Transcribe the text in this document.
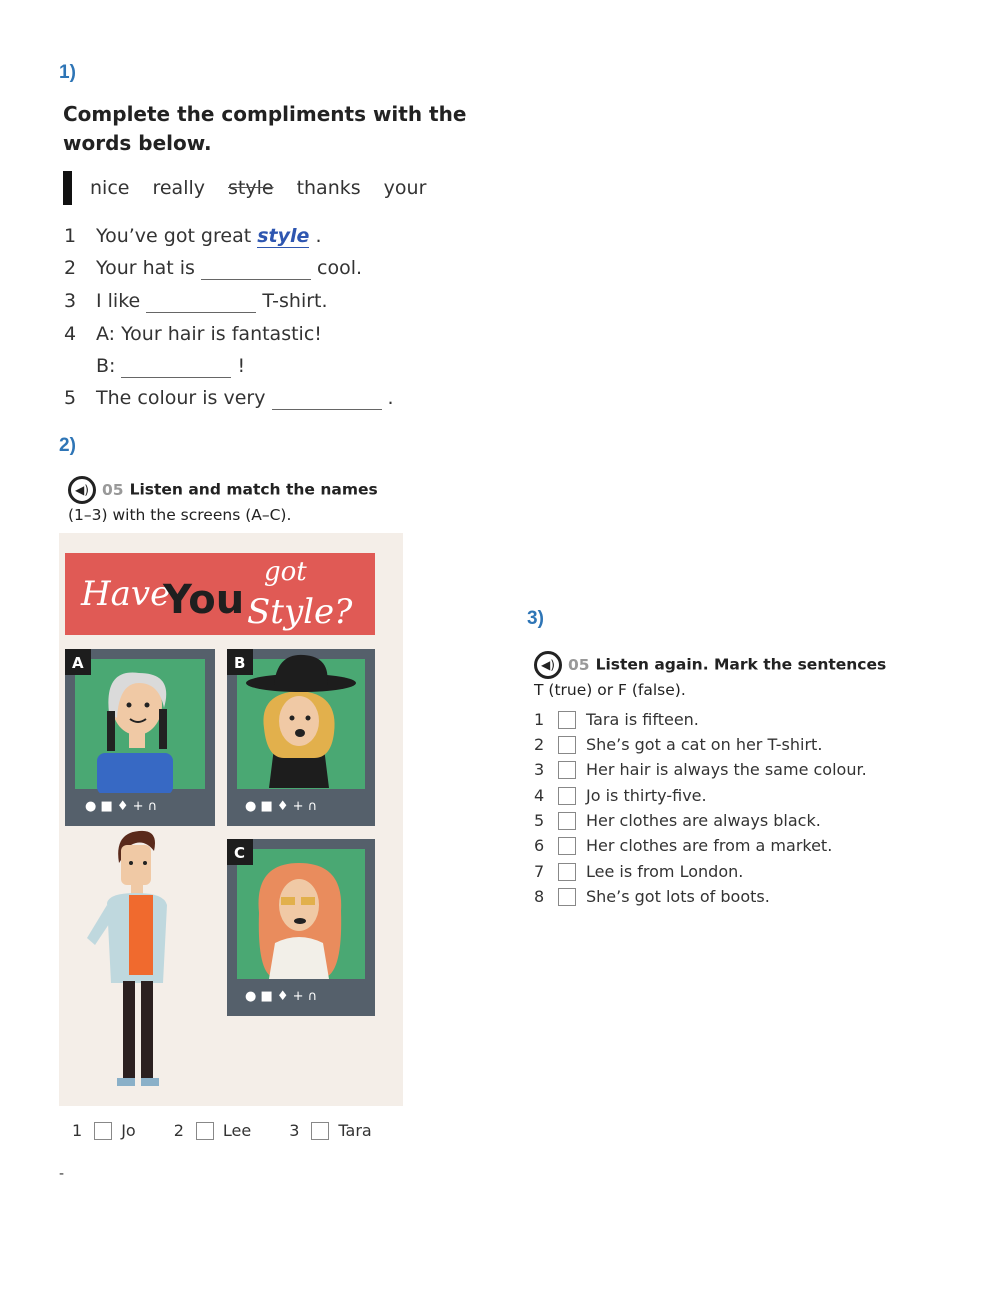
1)
2)
3)
Complete the compliments with the
words below.
nice really style thanks your
1 You’ve got great style .
2 Your hat is	cool.
3 I like	T-shirt.
4 A: Your hair is fantastic!
B:	!
5 The colour is very	.
◀) 05 Listen and match the names
(1–3) with the screens (A–C).
Have
You
got
Style?
A
● ■ ♦ + ∩
B
● ■ ♦ + ∩
C
● ■ ♦ + ∩
1 Jo 2 Lee 3 Tara
◀) 05 Listen again. Mark the sentences
T (true) or F (false).
1	Tara is fifteen.
2	She’s got a cat on her T-shirt.
3	Her hair is always the same colour.
4	Jo is thirty-five.
5	Her clothes are always black.
6	Her clothes are from a market.
7	Lee is from London.
8	She’s got lots of boots.
-
